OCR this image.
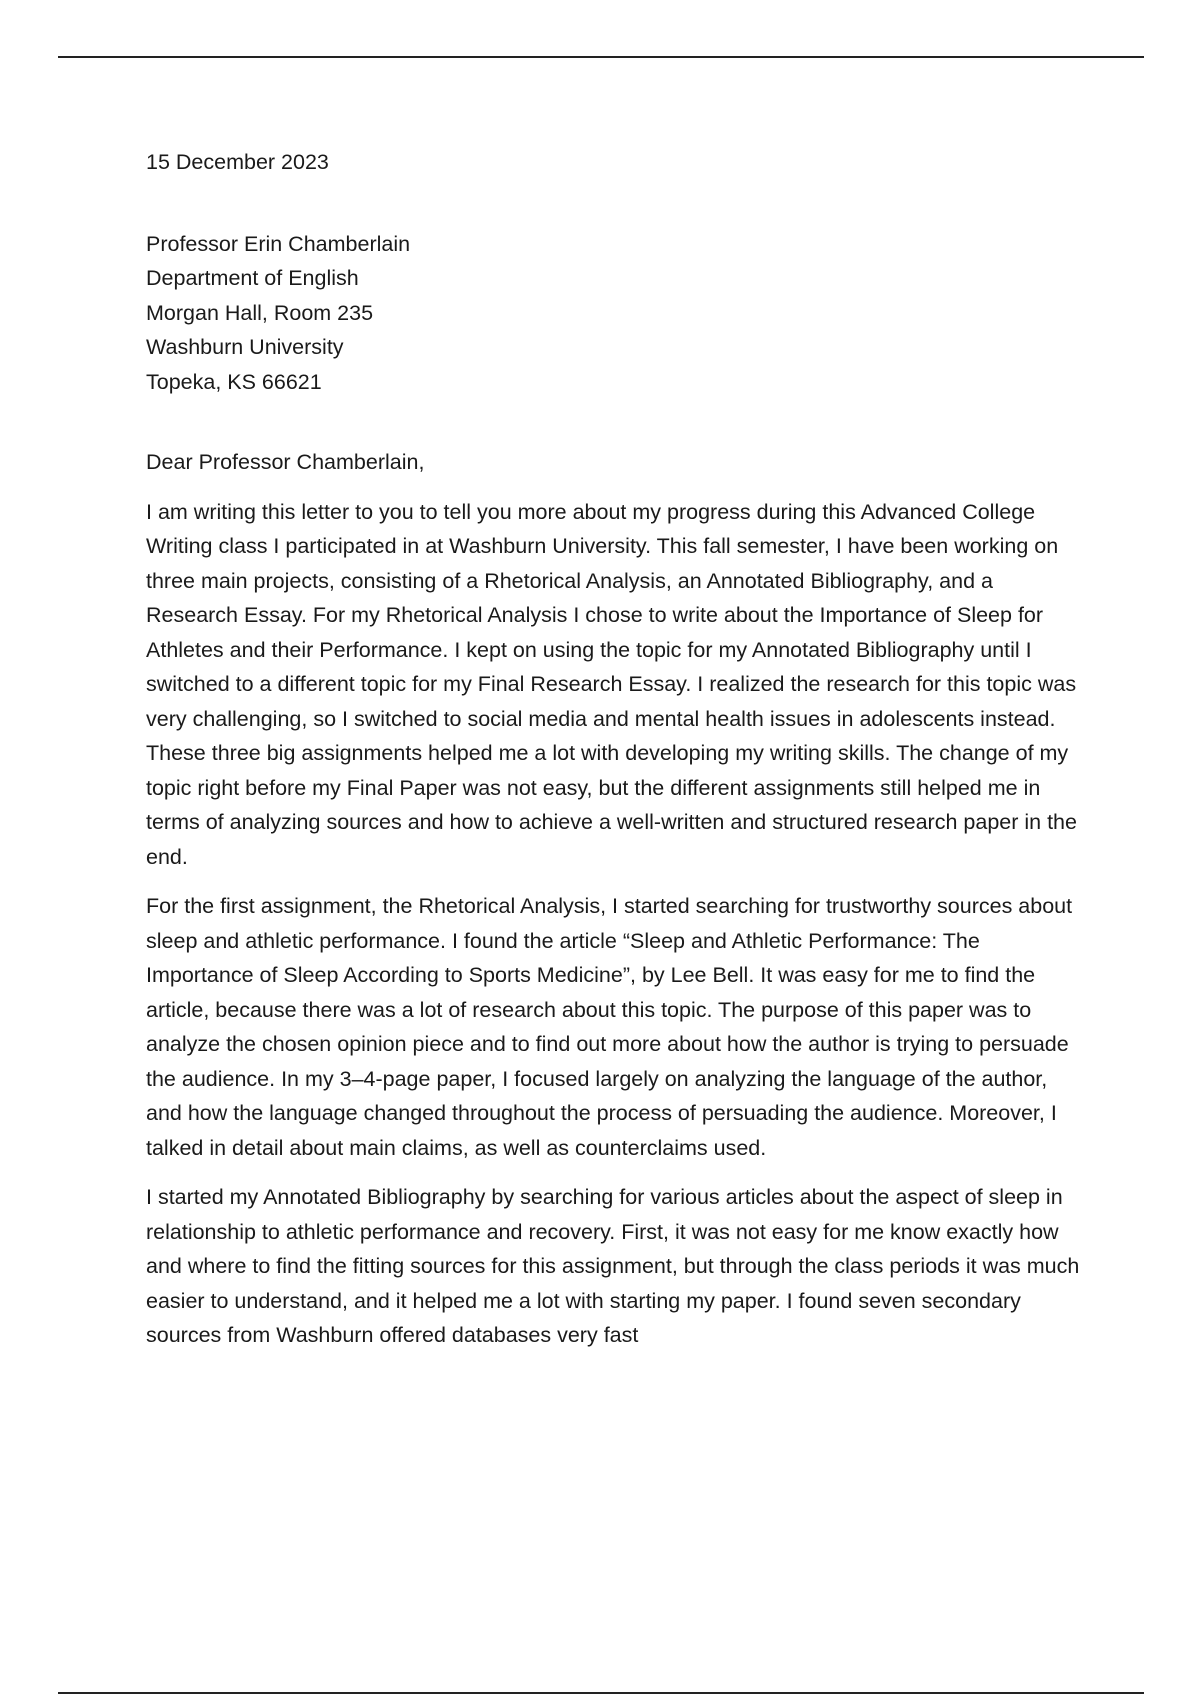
15 December 2023

Professor Erin Chamberlain
Department of English
Morgan Hall, Room 235
Washburn University
Topeka, KS 66621

Dear Professor Chamberlain,

I am writing this letter to you to tell you more about my progress during this Advanced College Writing class I participated in at Washburn University. This fall semester, I have been working on three main projects, consisting of a Rhetorical Analysis, an Annotated Bibliography, and a Research Essay. For my Rhetorical Analysis I chose to write about the Importance of Sleep for Athletes and their Performance. I kept on using the topic for my Annotated Bibliography until I switched to a different topic for my Final Research Essay. I realized the research for this topic was very challenging, so I switched to social media and mental health issues in adolescents instead. These three big assignments helped me a lot with developing my writing skills. The change of my topic right before my Final Paper was not easy, but the different assignments still helped me in terms of analyzing sources and how to achieve a well-written and structured research paper in the end.

For the first assignment, the Rhetorical Analysis, I started searching for trustworthy sources about sleep and athletic performance. I found the article “Sleep and Athletic Performance: The Importance of Sleep According to Sports Medicine”, by Lee Bell. It was easy for me to find the article, because there was a lot of research about this topic. The purpose of this paper was to analyze the chosen opinion piece and to find out more about how the author is trying to persuade the audience. In my 3–4-page paper, I focused largely on analyzing the language of the author, and how the language changed throughout the process of persuading the audience. Moreover, I talked in detail about main claims, as well as counterclaims used.

I started my Annotated Bibliography by searching for various articles about the aspect of sleep in relationship to athletic performance and recovery. First, it was not easy for me know exactly how and where to find the fitting sources for this assignment, but through the class periods it was much easier to understand, and it helped me a lot with starting my paper. I found seven secondary sources from Washburn offered databases very fast
